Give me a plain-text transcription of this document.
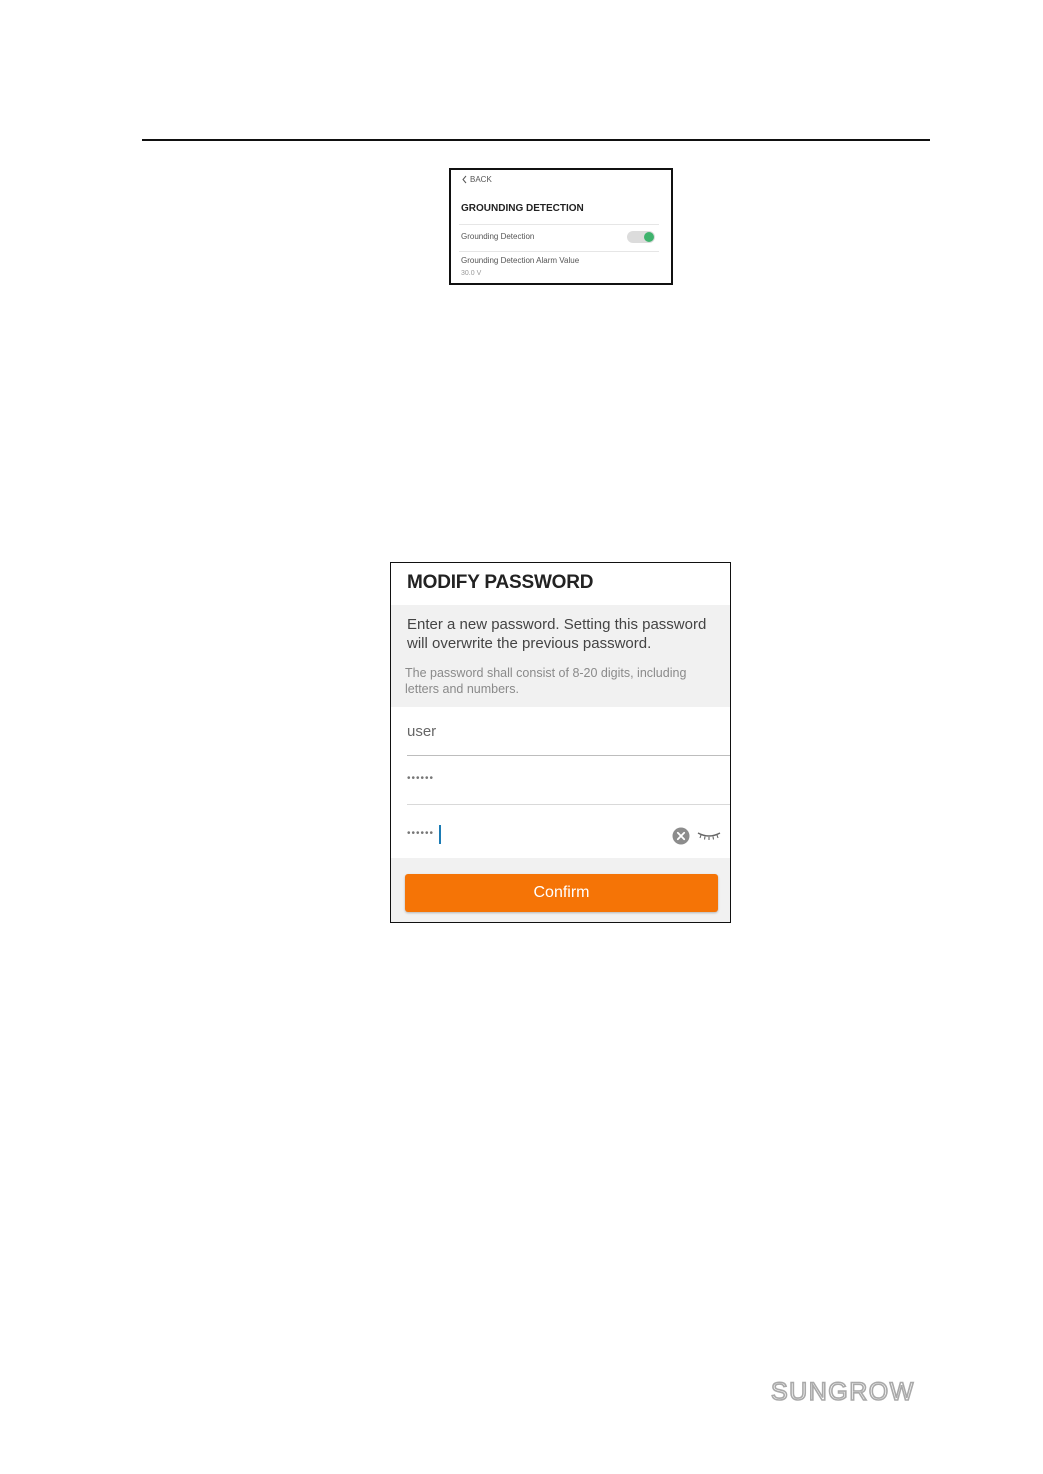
BACK
GROUNDING DETECTION
Grounding Detection
Grounding Detection Alarm Value
30.0 V
MODIFY PASSWORD
Enter a new password. Setting this password will overwrite the previous password.
The password shall consist of 8-20 digits, including letters and numbers.
user
••••••
••••••
Confirm
SUNGROW
